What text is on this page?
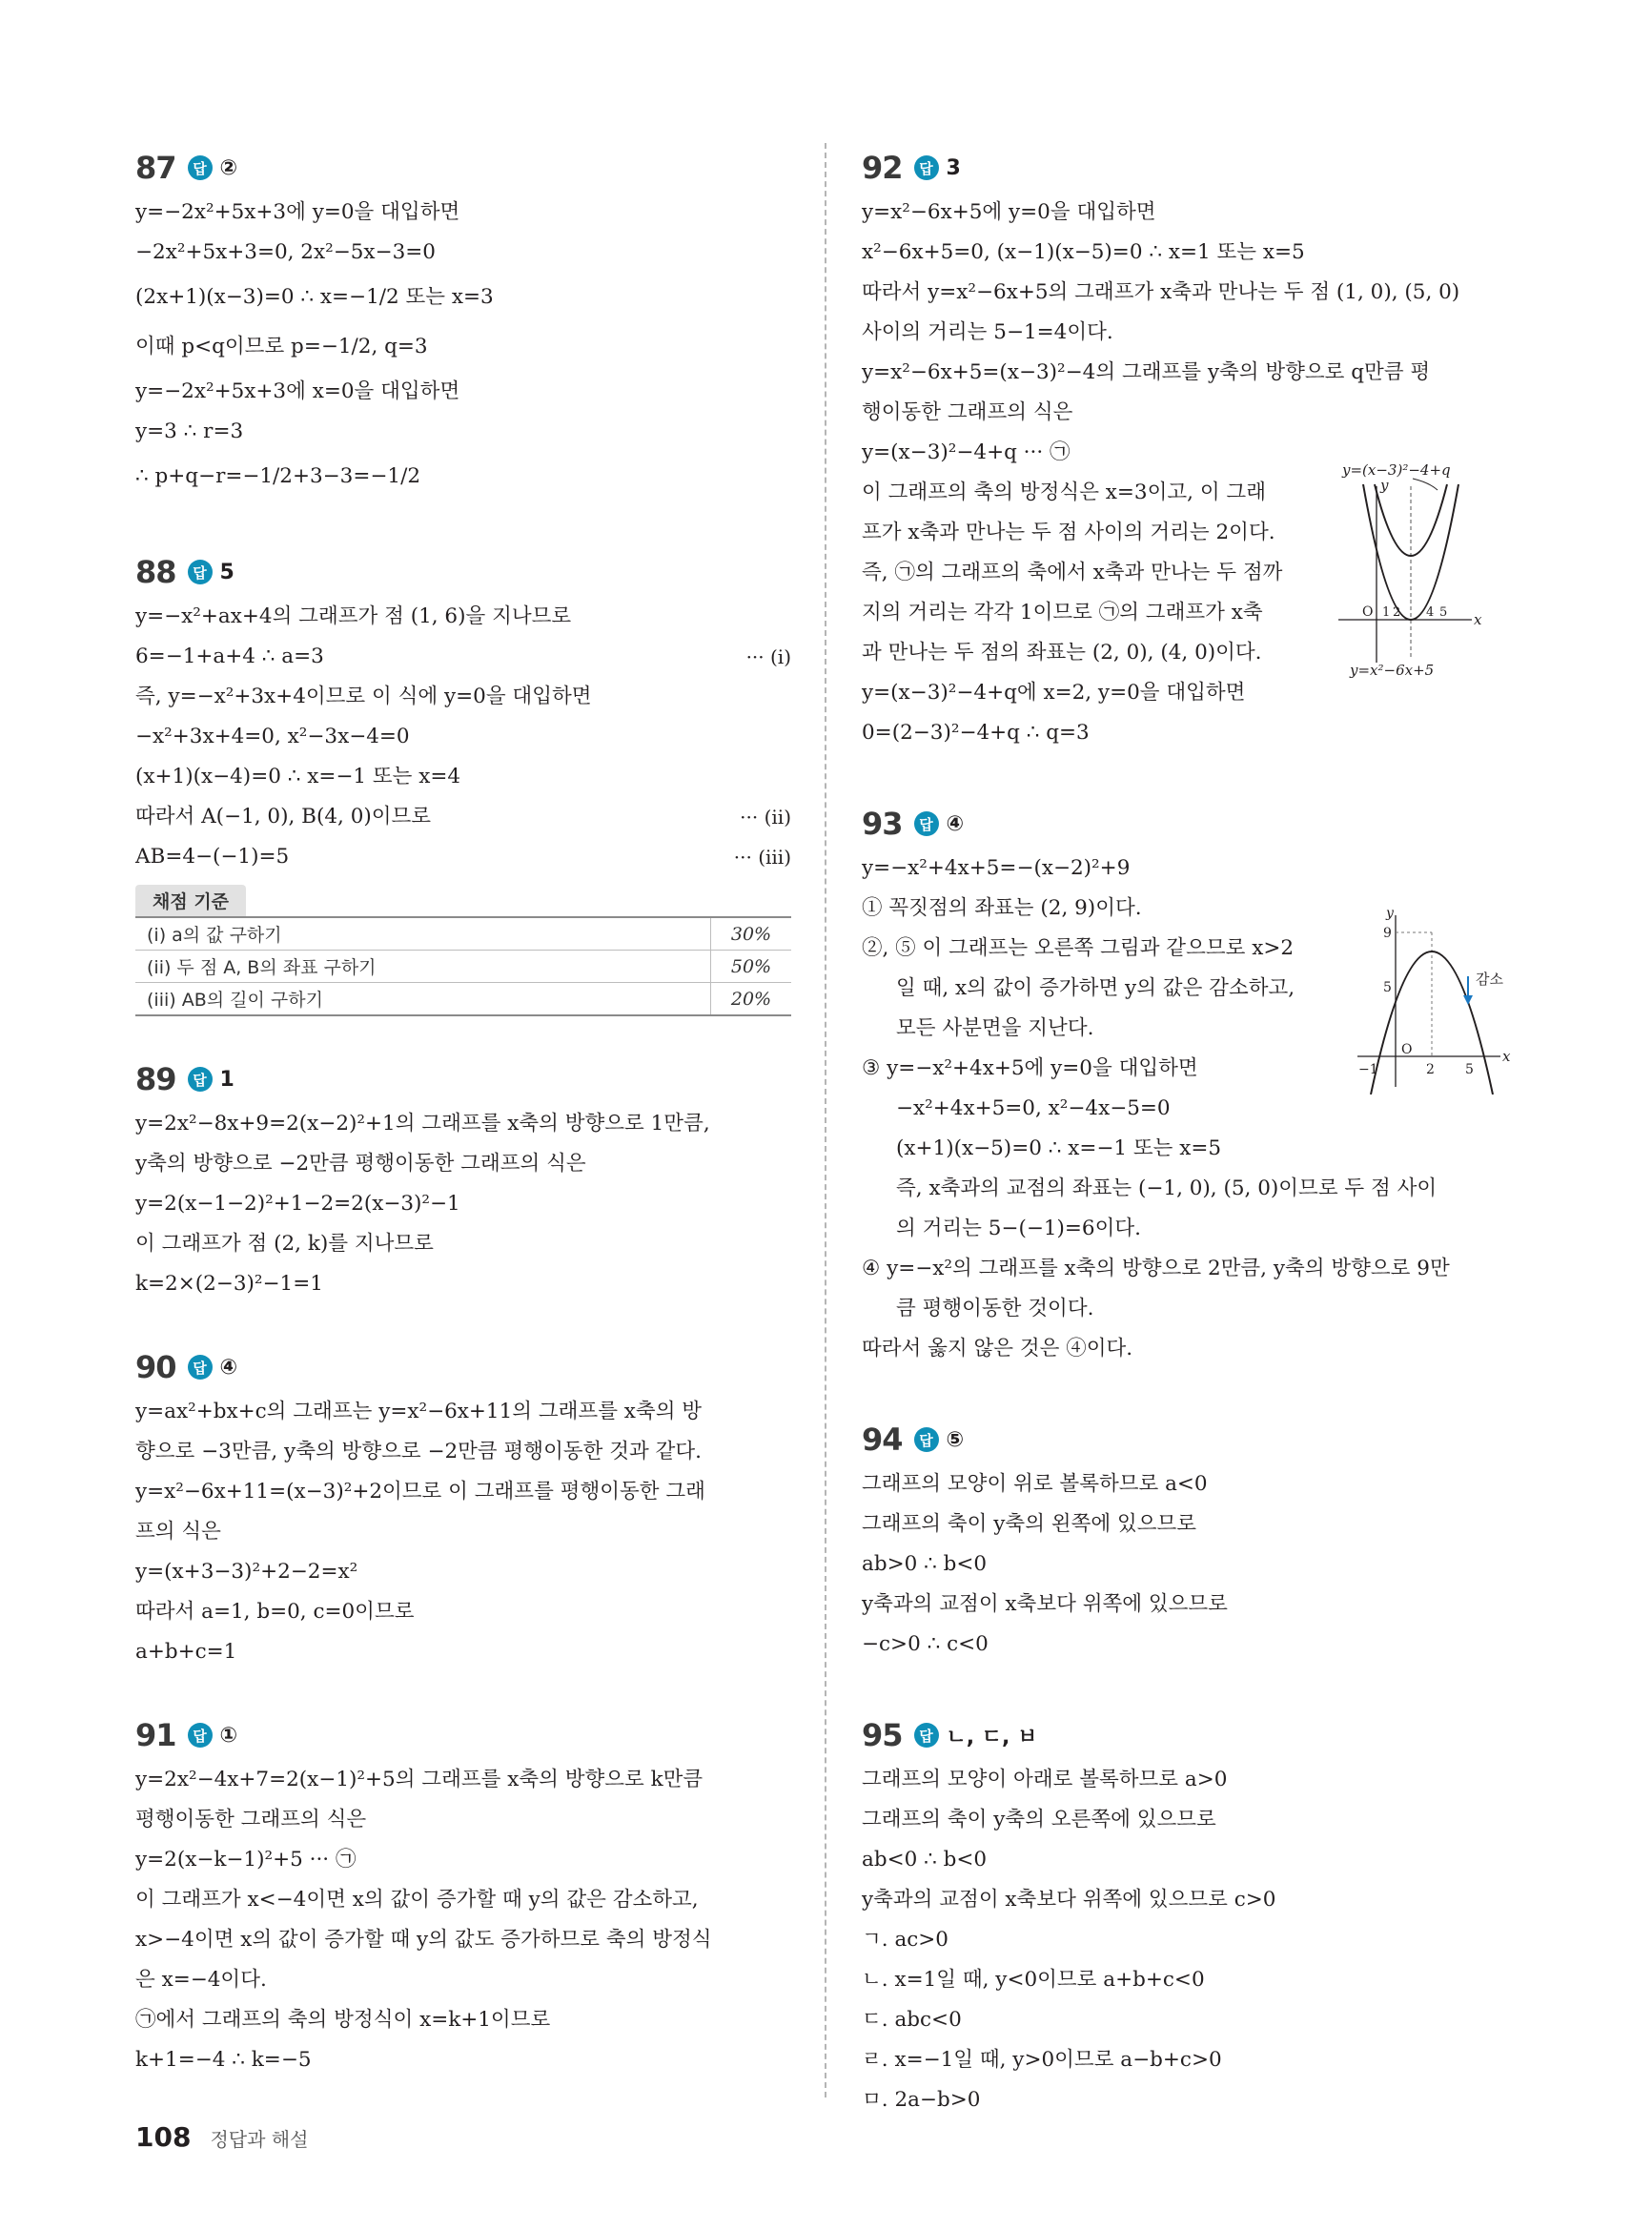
87	답 ②
y=−2x²+5x+3에 y=0을 대입하면
−2x²+5x+3=0, 2x²−5x−3=0
(2x+1)(x−3)=0 ∴ x=−1/2 또는 x=3
이때 p<q이므로 p=−1/2, q=3
y=−2x²+5x+3에 x=0을 대입하면
y=3 ∴ r=3
∴ p+q−r=−1/2+3−3=−1/2
88	답 5
y=−x²+ax+4의 그래프가 점 (1, 6)을 지나므로
6=−1+a+4 ∴ a=3	··· (i)
즉, y=−x²+3x+4이므로 이 식에 y=0을 대입하면
−x²+3x+4=0, x²−3x−4=0
(x+1)(x−4)=0 ∴ x=−1 또는 x=4
따라서 A(−1, 0), B(4, 0)이므로	··· (ii)
AB=4−(−1)=5	··· (iii)
채점 기준
(i) a의 값 구하기	30%
(ii) 두 점 A, B의 좌표 구하기	50%
(iii) AB의 길이 구하기	20%
89	답 1
y=2x²−8x+9=2(x−2)²+1의 그래프를 x축의 방향으로 1만큼,
y축의 방향으로 −2만큼 평행이동한 그래프의 식은
y=2(x−1−2)²+1−2=2(x−3)²−1
이 그래프가 점 (2, k)를 지나므로
k=2×(2−3)²−1=1
90	답 ④
y=ax²+bx+c의 그래프는 y=x²−6x+11의 그래프를 x축의 방
향으로 −3만큼, y축의 방향으로 −2만큼 평행이동한 것과 같다.
y=x²−6x+11=(x−3)²+2이므로 이 그래프를 평행이동한 그래
프의 식은
y=(x+3−3)²+2−2=x²
따라서 a=1, b=0, c=0이므로
a+b+c=1
91	답 ①
y=2x²−4x+7=2(x−1)²+5의 그래프를 x축의 방향으로 k만큼
평행이동한 그래프의 식은
y=2(x−k−1)²+5 ··· ㉠
이 그래프가 x<−4이면 x의 값이 증가할 때 y의 값은 감소하고,
x>−4이면 x의 값이 증가할 때 y의 값도 증가하므로 축의 방정식
은 x=−4이다.
㉠에서 그래프의 축의 방정식이 x=k+1이므로
k+1=−4 ∴ k=−5
92	답 3
y=x²−6x+5에 y=0을 대입하면
x²−6x+5=0, (x−1)(x−5)=0 ∴ x=1 또는 x=5
따라서 y=x²−6x+5의 그래프가 x축과 만나는 두 점 (1, 0), (5, 0)
사이의 거리는 5−1=4이다.
y=x²−6x+5=(x−3)²−4의 그래프를 y축의 방향으로 q만큼 평
행이동한 그래프의 식은
y=(x−3)²−4+q ··· ㉠
이 그래프의 축의 방정식은 x=3이고, 이 그래
프가 x축과 만나는 두 점 사이의 거리는 2이다.
즉, ㉠의 그래프의 축에서 x축과 만나는 두 점까
지의 거리는 각각 1이므로 ㉠의 그래프가 x축
과 만나는 두 점의 좌표는 (2, 0), (4, 0)이다.
y=(x−3)²−4+q에 x=2, y=0을 대입하면
0=(2−3)²−4+q ∴ q=3
y=(x−3)²−4+q
y=x²−6x+5
x
y
O 1 2 4 5
93	답 ④
y=−x²+4x+5=−(x−2)²+9
① 꼭짓점의 좌표는 (2, 9)이다.
②, ⑤ 이 그래프는 오른쪽 그림과 같으므로 x>2
일 때, x의 값이 증가하면 y의 값은 감소하고,
모든 사분면을 지난다.
③ y=−x²+4x+5에 y=0을 대입하면
−x²+4x+5=0, x²−4x−5=0
(x+1)(x−5)=0 ∴ x=−1 또는 x=5
즉, x축과의 교점의 좌표는 (−1, 0), (5, 0)이므로 두 점 사이
의 거리는 5−(−1)=6이다.
④ y=−x²의 그래프를 x축의 방향으로 2만큼, y축의 방향으로 9만
큼 평행이동한 것이다.
따라서 옳지 않은 것은 ④이다.
x
y
9
5
−1	2 5
O
감소
94	답 ⑤
그래프의 모양이 위로 볼록하므로 a<0
그래프의 축이 y축의 왼쪽에 있으므로
ab>0 ∴ b<0
y축과의 교점이 x축보다 위쪽에 있으므로
−c>0 ∴ c<0
95	답 ㄴ, ㄷ, ㅂ
그래프의 모양이 아래로 볼록하므로 a>0
그래프의 축이 y축의 오른쪽에 있으므로
ab<0 ∴ b<0
y축과의 교점이 x축보다 위쪽에 있으므로 c>0
ㄱ. ac>0
ㄴ. x=1일 때, y<0이므로 a+b+c<0
ㄷ. abc<0
ㄹ. x=−1일 때, y>0이므로 a−b+c>0
ㅁ. 2a−b>0
108 정답과 해설
